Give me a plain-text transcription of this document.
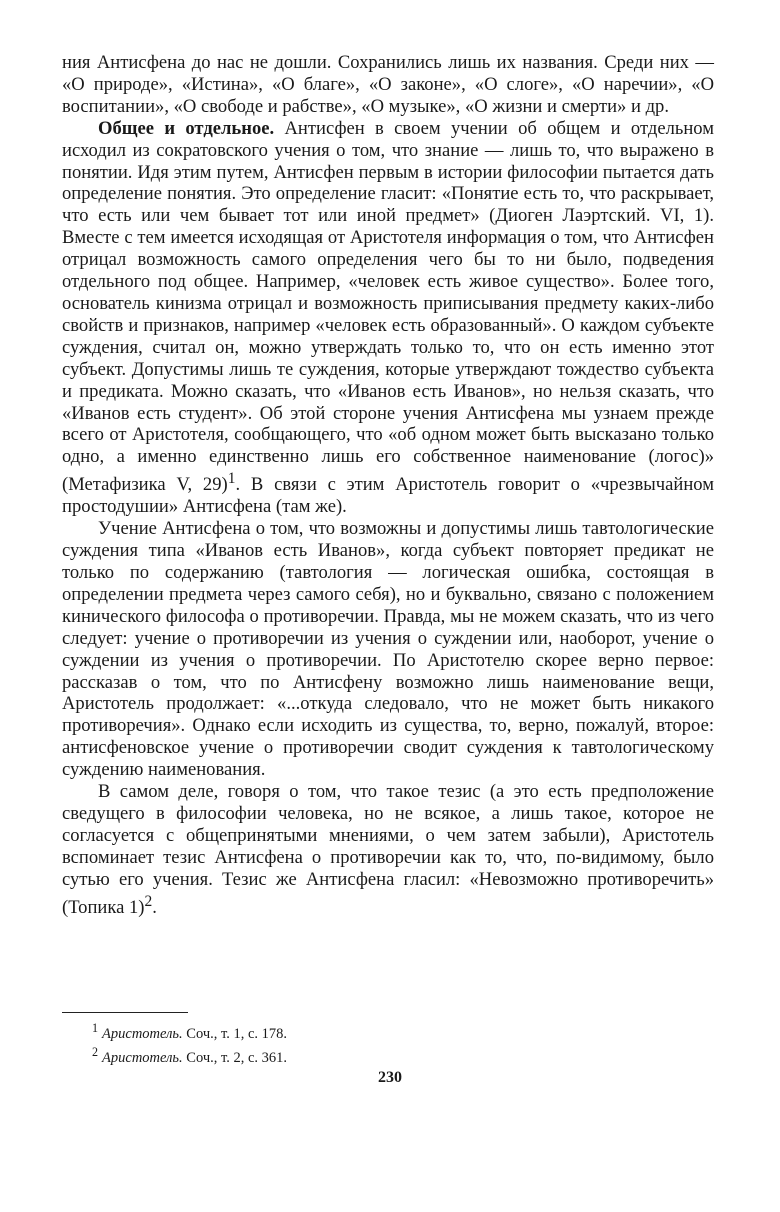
ния Антисфена до нас не дошли. Сохранились лишь их названия. Среди них — «О природе», «Истина», «О благе», «О законе», «О слоге», «О наречии», «О воспитании», «О свободе и рабстве», «О музыке», «О жизни и смерти» и др.

Общее и отдельное. Антисфен в своем учении об общем и отдельном исходил из сократовского учения о том, что знание — лишь то, что выражено в понятии. Идя этим путем, Антисфен первым в истории философии пытается дать определение понятия. Это определение гласит: «Понятие есть то, что раскрывает, что есть или чем бывает тот или иной предмет» (Диоген Лаэртский. VI, 1). Вместе с тем имеется исходящая от Аристотеля информация о том, что Антисфен отрицал возможность самого определения чего бы то ни было, подведения отдельного под общее. Например, «человек есть живое существо». Более того, основатель кинизма отрицал и возможность приписывания предмету каких-либо свойств и признаков, например «человек есть образованный». О каждом субъекте суждения, считал он, можно утверждать только то, что он есть именно этот субъект. Допустимы лишь те суждения, которые утверждают тождество субъекта и предиката. Можно сказать, что «Иванов есть Иванов», но нельзя сказать, что «Иванов есть студент». Об этой стороне учения Антисфена мы узнаем прежде всего от Аристотеля, сообщающего, что «об одном может быть высказано только одно, а именно единственно лишь его собственное наименование (логос)» (Метафизика V, 29)$^1$. В связи с этим Аристотель говорит о «чрезвычайном простодушии» Антисфена (там же).

Учение Антисфена о том, что возможны и допустимы лишь тавтологические суждения типа «Иванов есть Иванов», когда субъект повторяет предикат не только по содержанию (тавтология — логическая ошибка, состоящая в определении предмета через самого себя), но и буквально, связано с положением кинического философа о противоречии. Правда, мы не можем сказать, что из чего следует: учение о противоречии из учения о суждении или, наоборот, учение о суждении из учения о противоречии. По Аристотелю скорее верно первое: рассказав о том, что по Антисфену возможно лишь наименование вещи, Аристотель продолжает: «...откуда следовало, что не может быть никакого противоречия». Однако если исходить из существа, то, верно, пожалуй, второе: антисфеновское учение о противоречии сводит суждения к тавтологическому суждению наименования.

В самом деле, говоря о том, что такое тезис (а это есть предположение сведущего в философии человека, но не всякое, а лишь такое, которое не согласуется с общепринятыми мнениями, о чем затем забыли), Аристотель вспоминает тезис Антисфена о противоречии как то, что, по-видимому, было сутью его учения. Тезис же Антисфена гласил: «Невозможно противоречить» (Топика 1)$^2$.

$^1$ Аристотель. Соч., т. 1, с. 178.

$^2$ Аристотель. Соч., т. 2, с. 361.

230
